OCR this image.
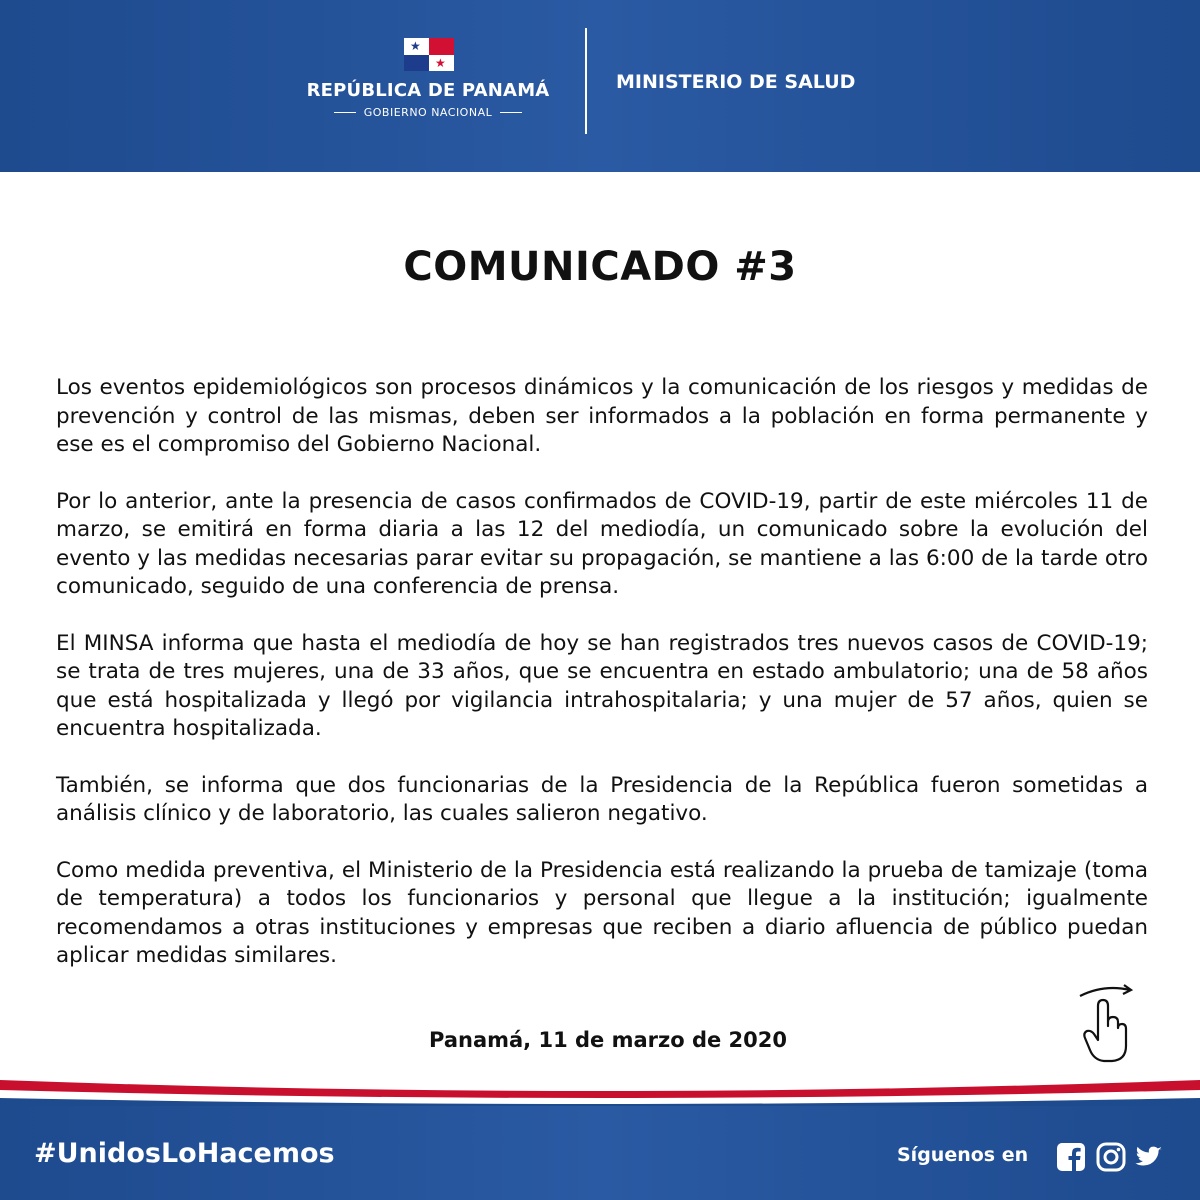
★
★
REPÚBLICA DE PANAMÁ
GOBIERNO NACIONAL
MINISTERIO DE SALUD
COMUNICADO #3

Los eventos epidemiológicos son procesos dinámicos y la comunicación de los riesgos y medidas de prevención y control de las mismas, deben ser informados a la población en forma permanente y ese es el compromiso del Gobierno Nacional.

Por lo anterior, ante la presencia de casos confirmados de COVID-19, partir de este miércoles 11 de marzo, se emitirá en forma diaria a las 12 del mediodía, un comunicado sobre la evolución del evento y las medidas necesarias parar evitar su propagación, se mantiene a las 6:00 de la tarde otro comunicado, seguido de una conferencia de prensa.

El MINSA informa que hasta el mediodía de hoy se han registrados tres nuevos casos de COVID-19; se trata de tres mujeres, una de 33 años, que se encuentra en estado ambulatorio; una de 58 años que está hospitalizada y llegó por vigilancia intrahospitalaria; y una mujer de 57 años, quien se encuentra hospitalizada.

También, se informa que dos funcionarias de la Presidencia de la República fueron sometidas a análisis clínico y de laboratorio, las cuales salieron negativo.

Como medida preventiva, el Ministerio de la Presidencia está realizando la prueba de tamizaje (toma de temperatura) a todos los funcionarios y personal que llegue a la institución; igualmente recomendamos a otras instituciones y empresas que reciben a diario afluencia de público puedan aplicar medidas similares.

Panamá, 11 de marzo de 2020
#UnidosLoHacemos	Síguenos en
